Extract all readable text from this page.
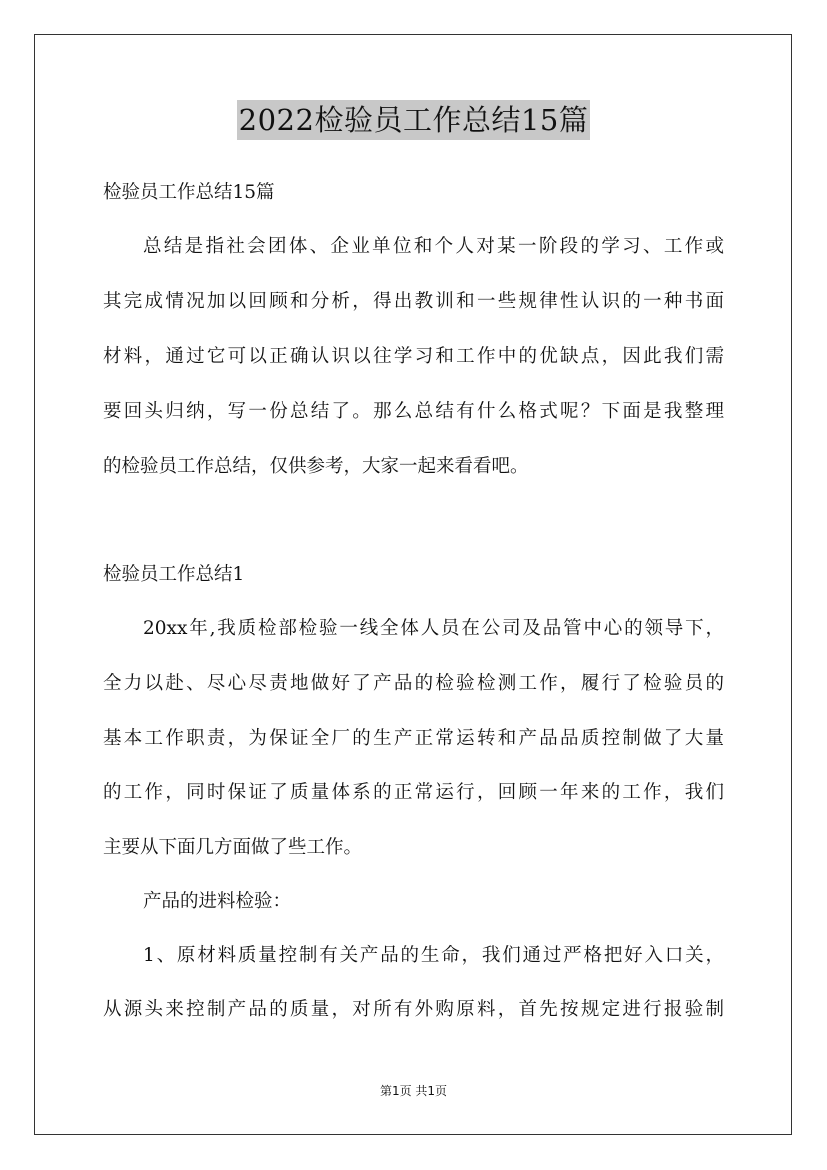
2022检验员工作总结15篇
检验员工作总结15篇
总结是指社会团体、企业单位和个人对某一阶段的学习、工作或
其完成情况加以回顾和分析，得出教训和一些规律性认识的一种书面
材料，通过它可以正确认识以往学习和工作中的优缺点，因此我们需
要回头归纳，写一份总结了。那么总结有什么格式呢？下面是我整理
的检验员工作总结，仅供参考，大家一起来看看吧。
检验员工作总结1
20xx年,我质检部检验一线全体人员在公司及品管中心的领导下，
全力以赴、尽心尽责地做好了产品的检验检测工作，履行了检验员的
基本工作职责，为保证全厂的生产正常运转和产品品质控制做了大量
的工作，同时保证了质量体系的正常运行，回顾一年来的工作，我们
主要从下面几方面做了些工作。
产品的进料检验：
1、原材料质量控制有关产品的生命，我们通过严格把好入口关，
从源头来控制产品的质量，对所有外购原料，首先按规定进行报验制
第1页 共1页
